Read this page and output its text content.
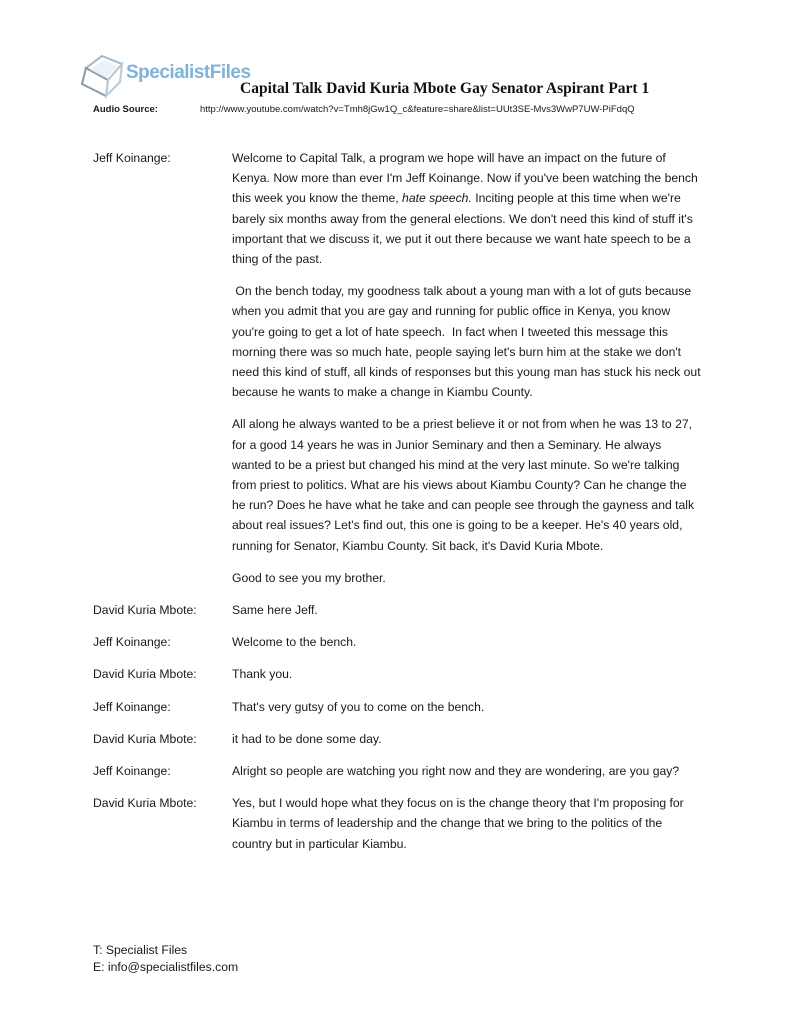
SpecialistFiles
Capital Talk David Kuria Mbote Gay Senator Aspirant Part 1
Audio Source:	http://www.youtube.com/watch?v=Tmh8jGw1Q_c&feature=share&list=UUt3SE-Mvs3WwP7UW-PiFdqQ
Jeff Koinange:	Welcome to Capital Talk, a program we hope will have an impact on the future of Kenya. Now more than ever I'm Jeff Koinange. Now if you've been watching the bench this week you know the theme, hate speech. Inciting people at this time when we're barely six months away from the general elections. We don't need this kind of stuff it's important that we discuss it, we put it out there because we want hate speech to be a thing of the past.

On the bench today, my goodness talk about a young man with a lot of guts because when you admit that you are gay and running for public office in Kenya, you know you're going to get a lot of hate speech.  In fact when I tweeted this message this morning there was so much hate, people saying let's burn him at the stake we don't need this kind of stuff, all kinds of responses but this young man has stuck his neck out because he wants to make a change in Kiambu County.

All along he always wanted to be a priest believe it or not from when he was 13 to 27, for a good 14 years he was in Junior Seminary and then a Seminary. He always wanted to be a priest but changed his mind at the very last minute. So we're talking from priest to politics. What are his views about Kiambu County? Can he change the he run? Does he have what he take and can people see through the gayness and talk about real issues? Let's find out, this one is going to be a keeper. He's 40 years old, running for Senator, Kiambu County. Sit back, it's David Kuria Mbote.

Good to see you my brother.

David Kuria Mbote:	Same here Jeff.

Jeff Koinange:	Welcome to the bench.

David Kuria Mbote:	Thank you.

Jeff Koinange:	That's very gutsy of you to come on the bench.

David Kuria Mbote:	it had to be done some day.

Jeff Koinange:	Alright so people are watching you right now and they are wondering, are you gay?

David Kuria Mbote:	Yes, but I would hope what they focus on is the change theory that I'm proposing for Kiambu in terms of leadership and the change that we bring to the politics of the country but in particular Kiambu.

T: Specialist Files
E: info@specialistfiles.com
